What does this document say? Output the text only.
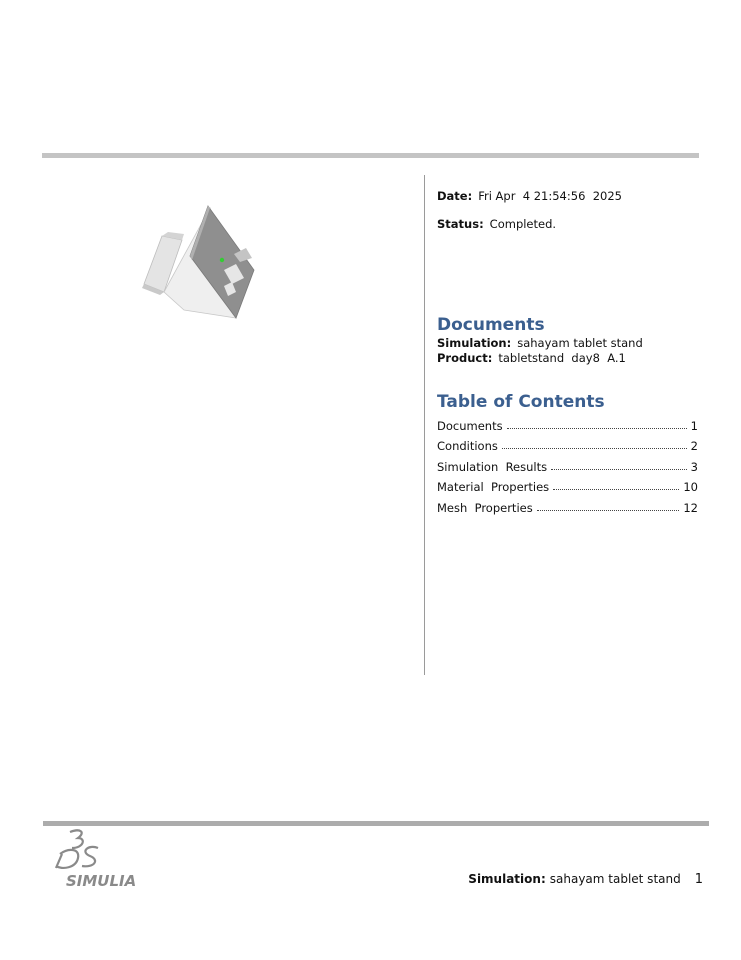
Date: Fri Apr  4 21:54:56  2025

Status: Completed.

Documents

Simulation: sahayam tablet stand

Product: tabletstand  day8  A.1

Table of Contents
Documents	1
Conditions	2
Simulation  Results	3
Material  Properties	10
Mesh  Properties	12
SIMULIA	Simulation: sahayam tablet stand 1
